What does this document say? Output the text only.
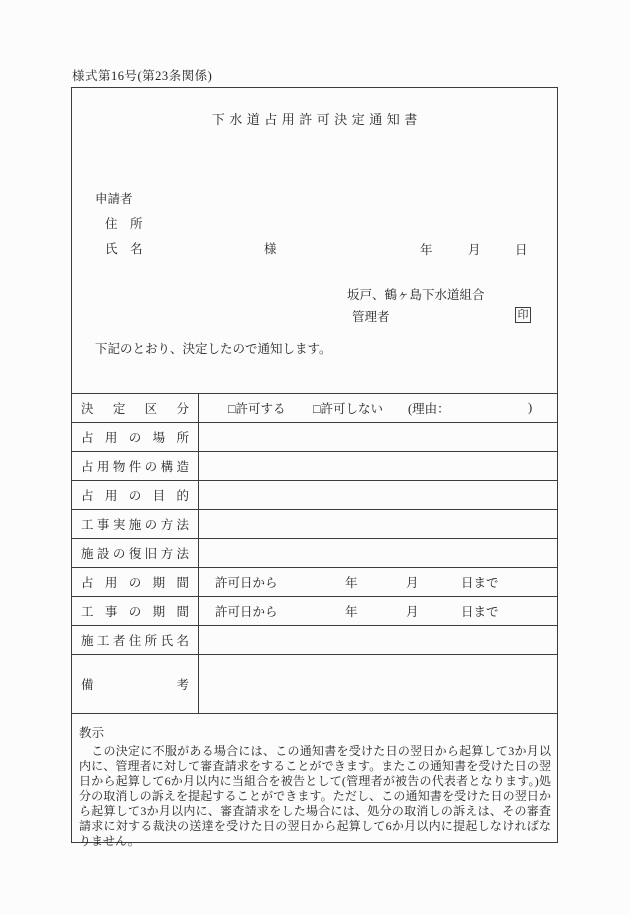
様式第16号(第23条関係)
下水道占用許可決定通知書
年	月	日
申請者
住　所
氏　名	様
坂戸、鶴ヶ島下水道組合
管理者	印
下記のとおり、決定したので通知します。
決 定 区 分	□許可する □許可しない (理由： )

占 用 の 場 所	
占 用 物 件 の 構 造	
占 用 の 目 的	
工 事 実 施 の 方 法	
施 設 の 復 旧 方 法	
占 用 の 期 間	許可日から 年 月 日まで

工 事 の 期 間	許可日から 年 月 日まで

施 工 者 住 所 氏 名	
備 考	
教示
　この決定に不服がある場合には、この通知書を受けた日の翌日から起算して3か月以内に、管理者に対して審査請求をすることができます。またこの通知書を受けた日の翌日から起算して6か月以内に当組合を被告として(管理者が被告の代表者となります。)処分の取消しの訴えを提起することができます。ただし、この通知書を受けた日の翌日から起算して3か月以内に、審査請求をした場合には、処分の取消しの訴えは、その審査請求に対する裁決の送達を受けた日の翌日から起算して6か月以内に提起しなければなりません。
